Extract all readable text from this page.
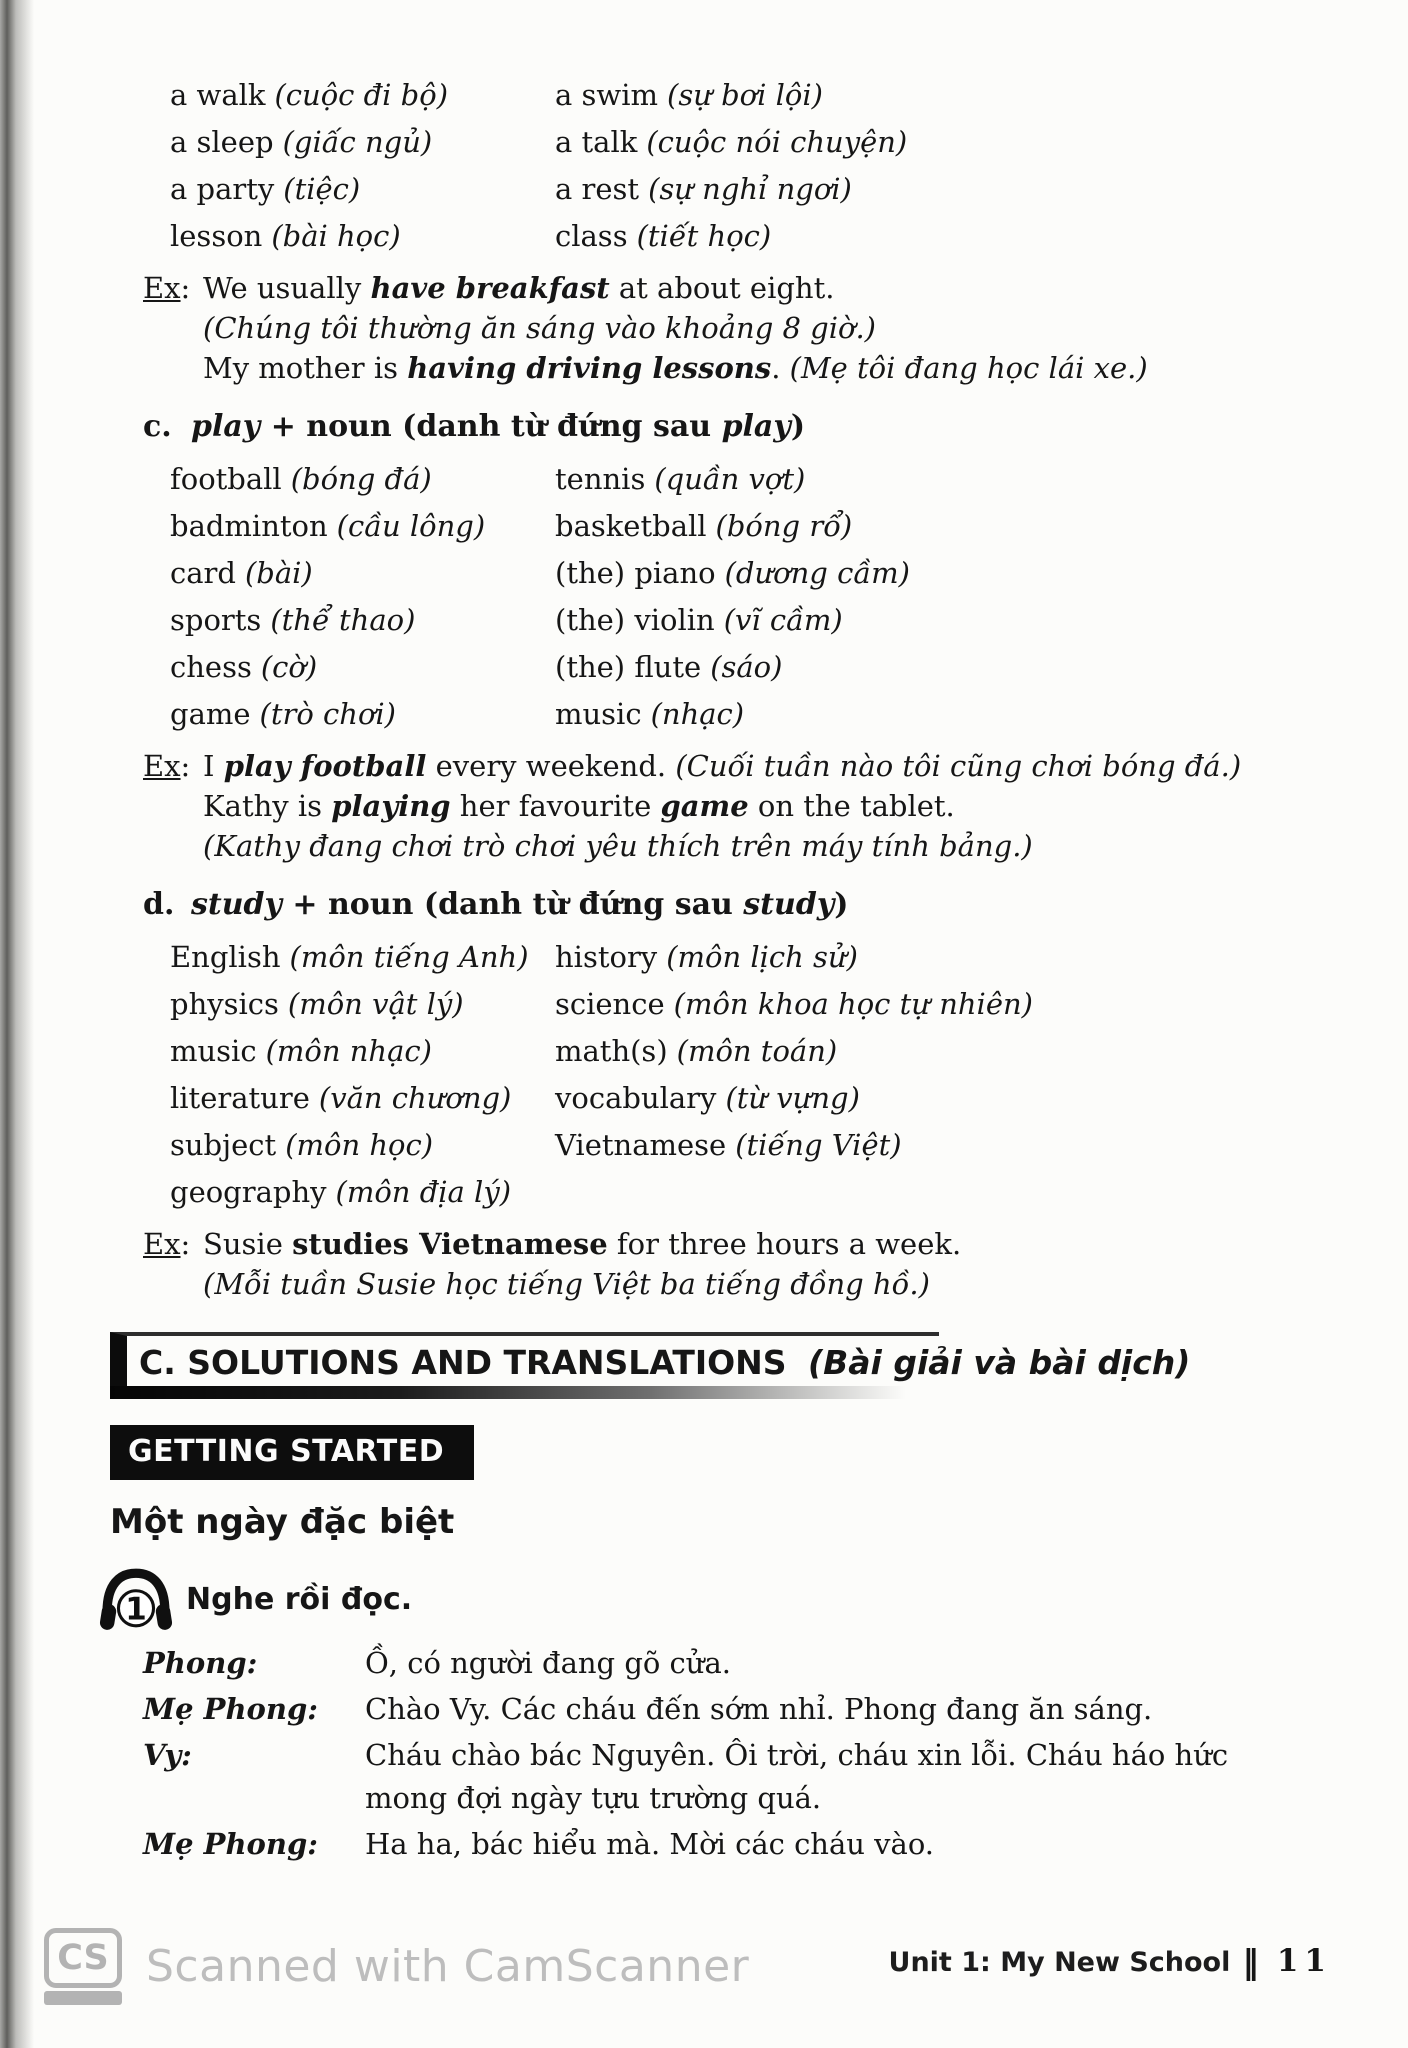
a walk (cuộc đi bộ)	a swim (sự bơi lội)
a sleep (giấc ngủ)	a talk (cuộc nói chuyện)
a party (tiệc)	a rest (sự nghỉ ngơi)
lesson (bài học)	class (tiết học)
Ex: We usually have breakfast at about eight.

(Chúng tôi thường ăn sáng vào khoảng 8 giờ.)

My mother is having driving lessons. (Mẹ tôi đang học lái xe.)

c. play + noun (danh từ đứng sau play)
football (bóng đá)	tennis (quần vợt)
badminton (cầu lông)	basketball (bóng rổ)
card (bài)	(the) piano (dương cầm)
sports (thể thao)	(the) violin (vĩ cầm)
chess (cờ)	(the) flute (sáo)
game (trò chơi)	music (nhạc)
Ex: I play football every weekend. (Cuối tuần nào tôi cũng chơi bóng đá.)

Kathy is playing her favourite game on the tablet.

(Kathy đang chơi trò chơi yêu thích trên máy tính bảng.)

d. study + noun (danh từ đứng sau study)
English (môn tiếng Anh) history (môn lịch sử)
physics (môn vật lý)	science (môn khoa học tự nhiên)
music (môn nhạc)	math(s) (môn toán)
literature (văn chương)	vocabulary (từ vựng)
subject (môn học)	Vietnamese (tiếng Việt)
geography (môn địa lý)
Ex: Susie studies Vietnamese for three hours a week.

(Mỗi tuần Susie học tiếng Việt ba tiếng đồng hồ.)

C. SOLUTIONS AND TRANSLATIONS (Bài giải và bài dịch)
GETTING STARTED
Một ngày đặc biệt
1 Nghe rồi đọc.
Phong:	Ồ, có người đang gõ cửa.
Mẹ Phong:	Chào Vy. Các cháu đến sớm nhỉ. Phong đang ăn sáng.
Vy:	Cháu chào bác Nguyên. Ôi trời, cháu xin lỗi. Cháu háo hức mong đợi ngày tựu trường quá.
Mẹ Phong:	Ha ha, bác hiểu mà. Mời các cháu vào.
Unit 1: My New School ‖ 11
CS Scanned with CamScanner
